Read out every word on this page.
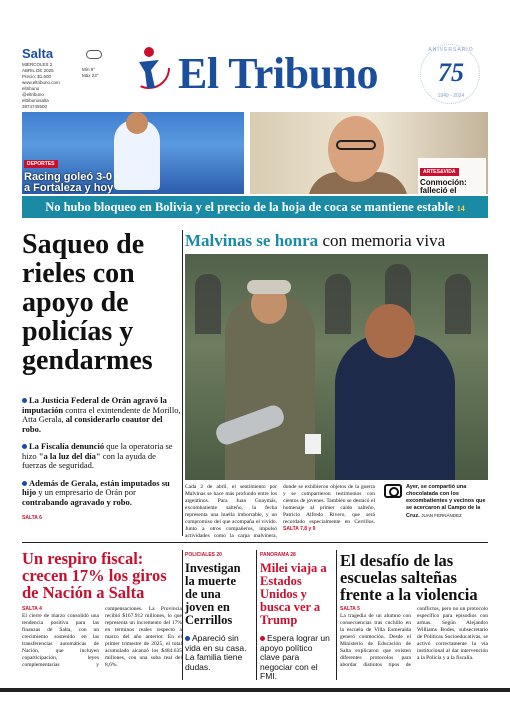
Salta
MIÉRCOLES 2
ABRIL DE 2025
Precio: $1.600
www.eltribuno.com
eltribuno
@eltribuno
eltribunosalta
3874745500
Mín 9°
Máx 23° El Tribuno	ANIVERSARIO
75
1949 - 2024
DEPORTES
Racing goleó 3-0 a Fortaleza y hoy
ARTES&VIDA
Conmoción: falleció el
No hubo bloqueo en Bolivia y el precio de la hoja de coca se mantiene estable 14
Saqueo de rieles con apoyo de policías y gendarmes
La Justicia Federal de Orán agravó la imputación contra el exintendente de Morillo, Atta Gerala, al considerarlo coautor del robo.
La Fiscalía denunció que la operatoria se hizo "a la luz del día" con la ayuda de fuerzas de seguridad.
Además de Gerala, están imputados su hijo y un empresario de Orán por contrabando agravado y robo.
SALTA 6
Malvinas se honra con memoria viva
Cada 2 de abril, el sentimiento por Malvinas se hace más profundo entre los argentinos. Para Juan Guaymás, excombatiente salteño, la fecha representa una huella imborrable, y un compromiso del que acompaña el vivido. Junto a otros compañeros, impulsó actividades como la carpa malvinera, donde se exhibieron objetos de la guerra y se compartieron testimonios con cientos de jóvenes. También se destacó el homenaje al primer caído salteño, Patricio Alfredo Rivero, que será recordado especialmente en Cerrillos. SALTA 7,8 y 9
Ayer, se compartió una chocolatada con los excombatientes y vecinos que se acercaron al Campo de la Cruz. JUAN FERNÁNDEZ
Un respiro fiscal: crecen 17% los giros de Nación a Salta
SALTA 4
El cierre de marzo consolidó una tendencia positiva para las finanzas de Salta, con un crecimiento sostenido en las transferencias automáticas de Nación, que incluyen coparticipación, leyes complementarias y compensaciones. La Provincia recibió $167.912 millones, lo que representa un incremento del 17% en términos reales respecto a marzo del año anterior. En el primer trimestre de 2025, el total acumulado alcanzó los $484.635 millones, con una suba real del 8,6%.
POLICIALES 20
Investigan la muerte de una joven en Cerrillos
Apareció sin vida en su casa. La familia tiene dudas.
PANORAMA 28
Milei viaja a Estados Unidos y busca ver a Trump
Espera lograr un apoyo político clave para negociar con el FMI.
El desafío de las escuelas salteñas frente a la violencia
SALTA 5
La tragedia de un alumno con consecuencias tras cuchillo en la escuela de Villa Esmeralda generó conmoción. Desde el Ministerio de Educación de Salta explicaron que existen diferentes protocolos para abordar distintos tipos de conflictos, pero no un protocolo específico para episodios con armas. Según Alejandro Williams Bodes, subsecretario de Políticas Socioeducativas, se activó correctamente la vía institucional al dar intervención a la Policía y a la fiscalía.
